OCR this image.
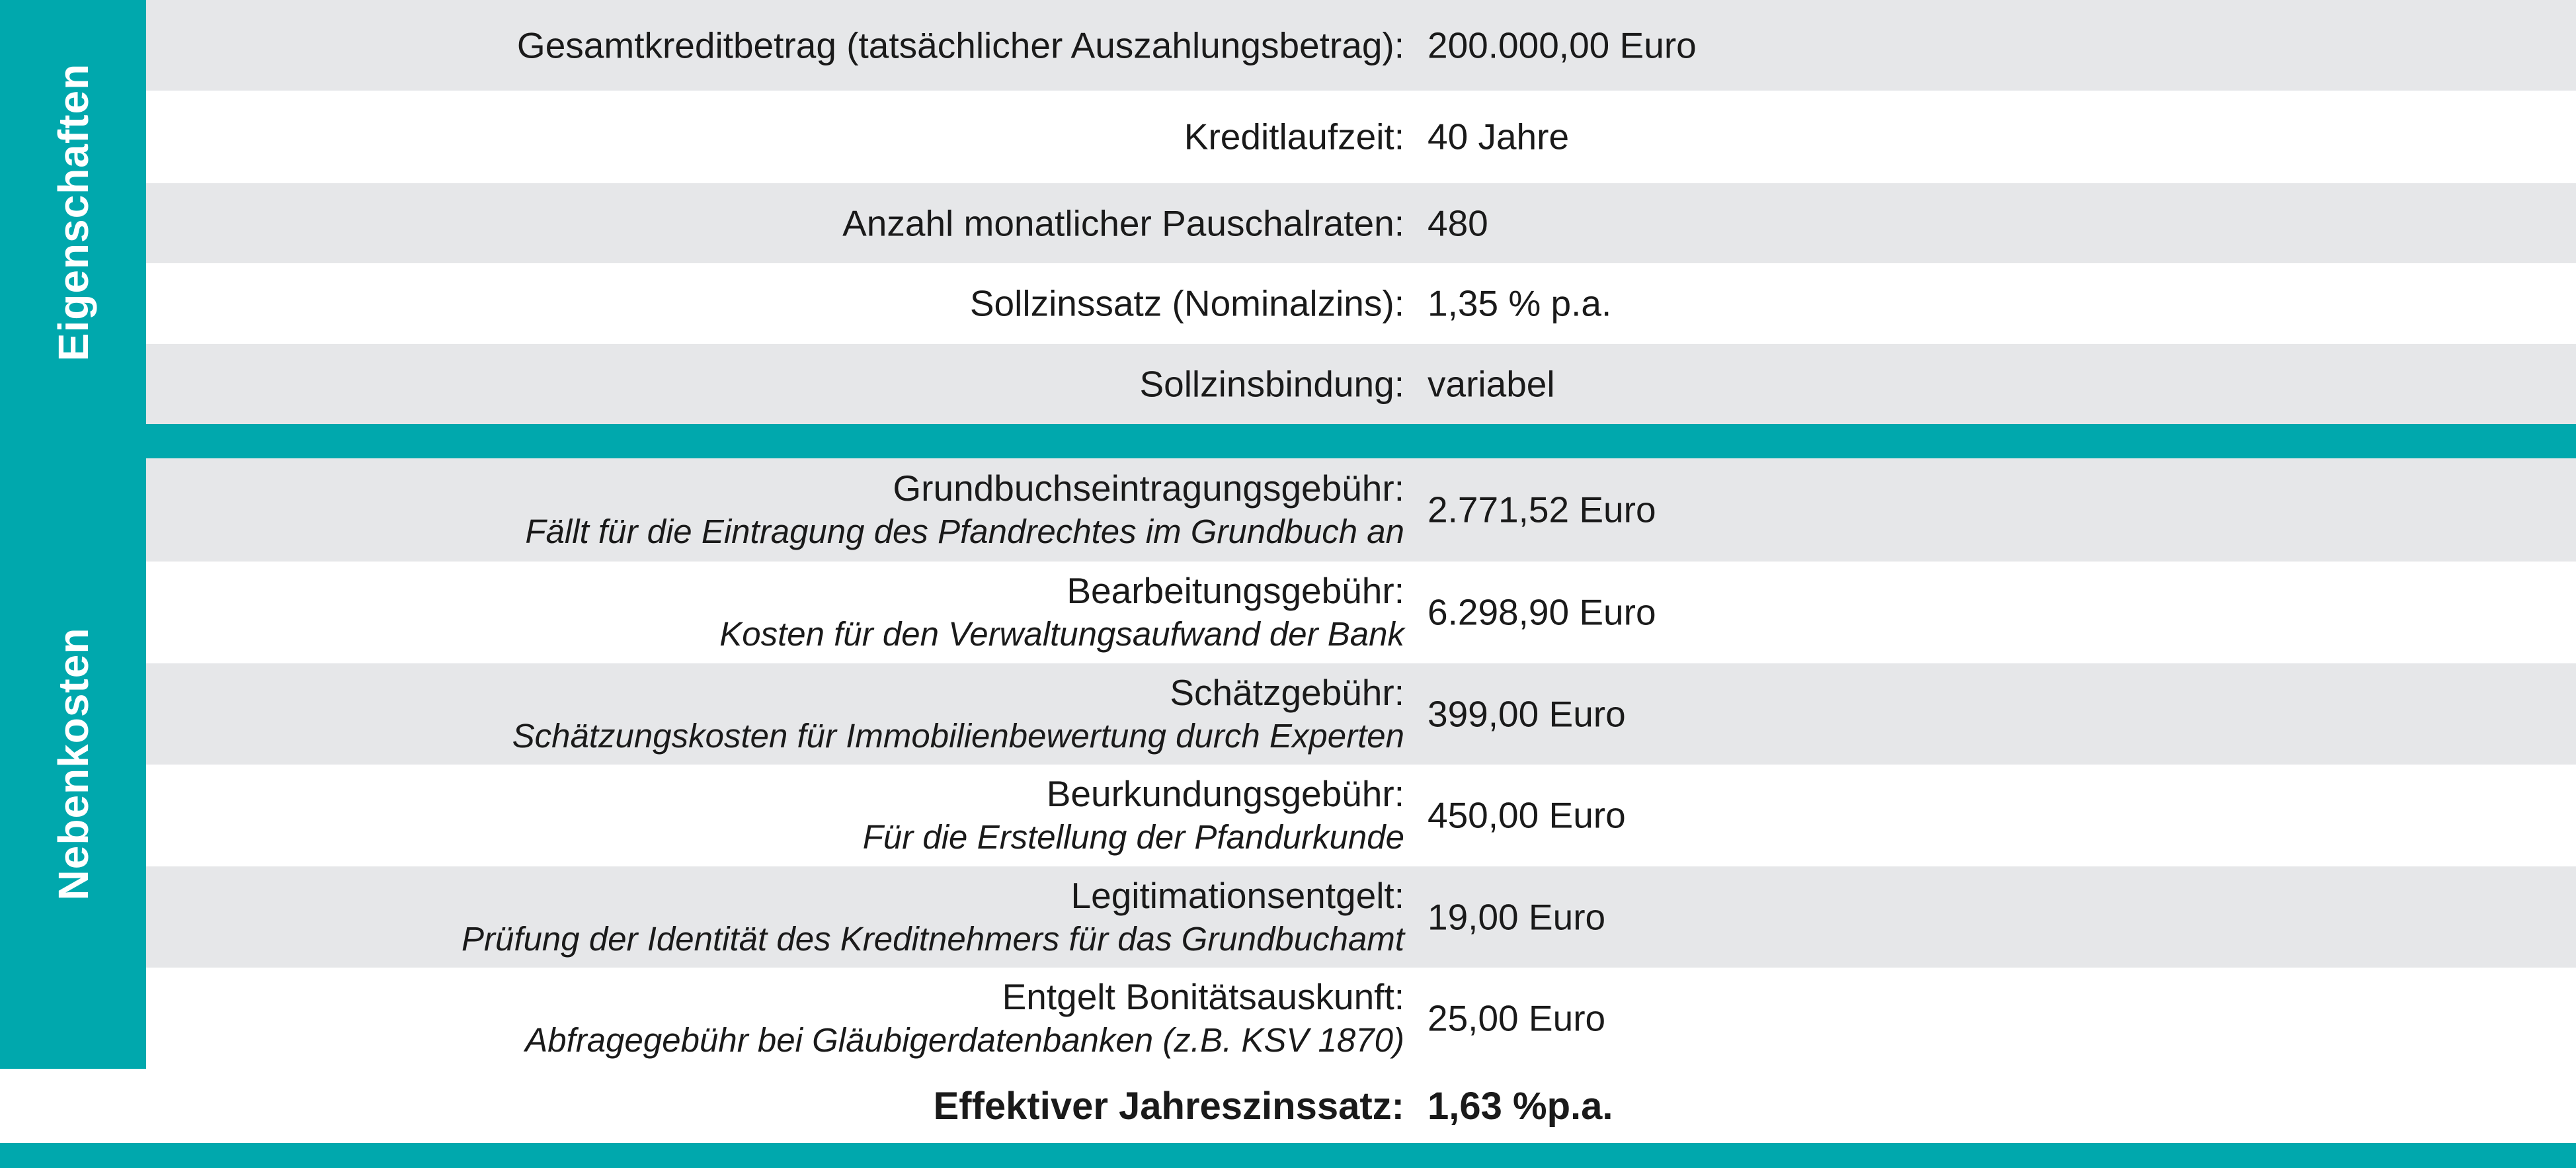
Eigenschaften
Gesamtkreditbetrag (tatsächlicher Auszahlungsbetrag): 200.000,00 Euro
Kreditlaufzeit: 40 Jahre
Anzahl monatlicher Pauschalraten: 480
Sollzinssatz (Nominalzins): 1,35 % p.a.
Sollzinsbindung: variabel
Nebenkosten
Grundbuchseintragungsgebühr:
Fällt für die Eintragung des Pfandrechtes im Grundbuch an
2.771,52 Euro
Bearbeitungsgebühr:
Kosten für den Verwaltungsaufwand der Bank
6.298,90 Euro
Schätzgebühr:
Schätzungskosten für Immobilienbewertung durch Experten
399,00 Euro
Beurkundungsgebühr:
Für die Erstellung der Pfandurkunde
450,00 Euro
Legitimationsentgelt:
Prüfung der Identität des Kreditnehmers für das Grundbuchamt
19,00 Euro
Entgelt Bonitätsauskunft:
Abfragegebühr bei Gläubigerdatenbanken (z.B. KSV 1870)
25,00 Euro
Effektiver Jahreszinssatz: 1,63 %p.a.
